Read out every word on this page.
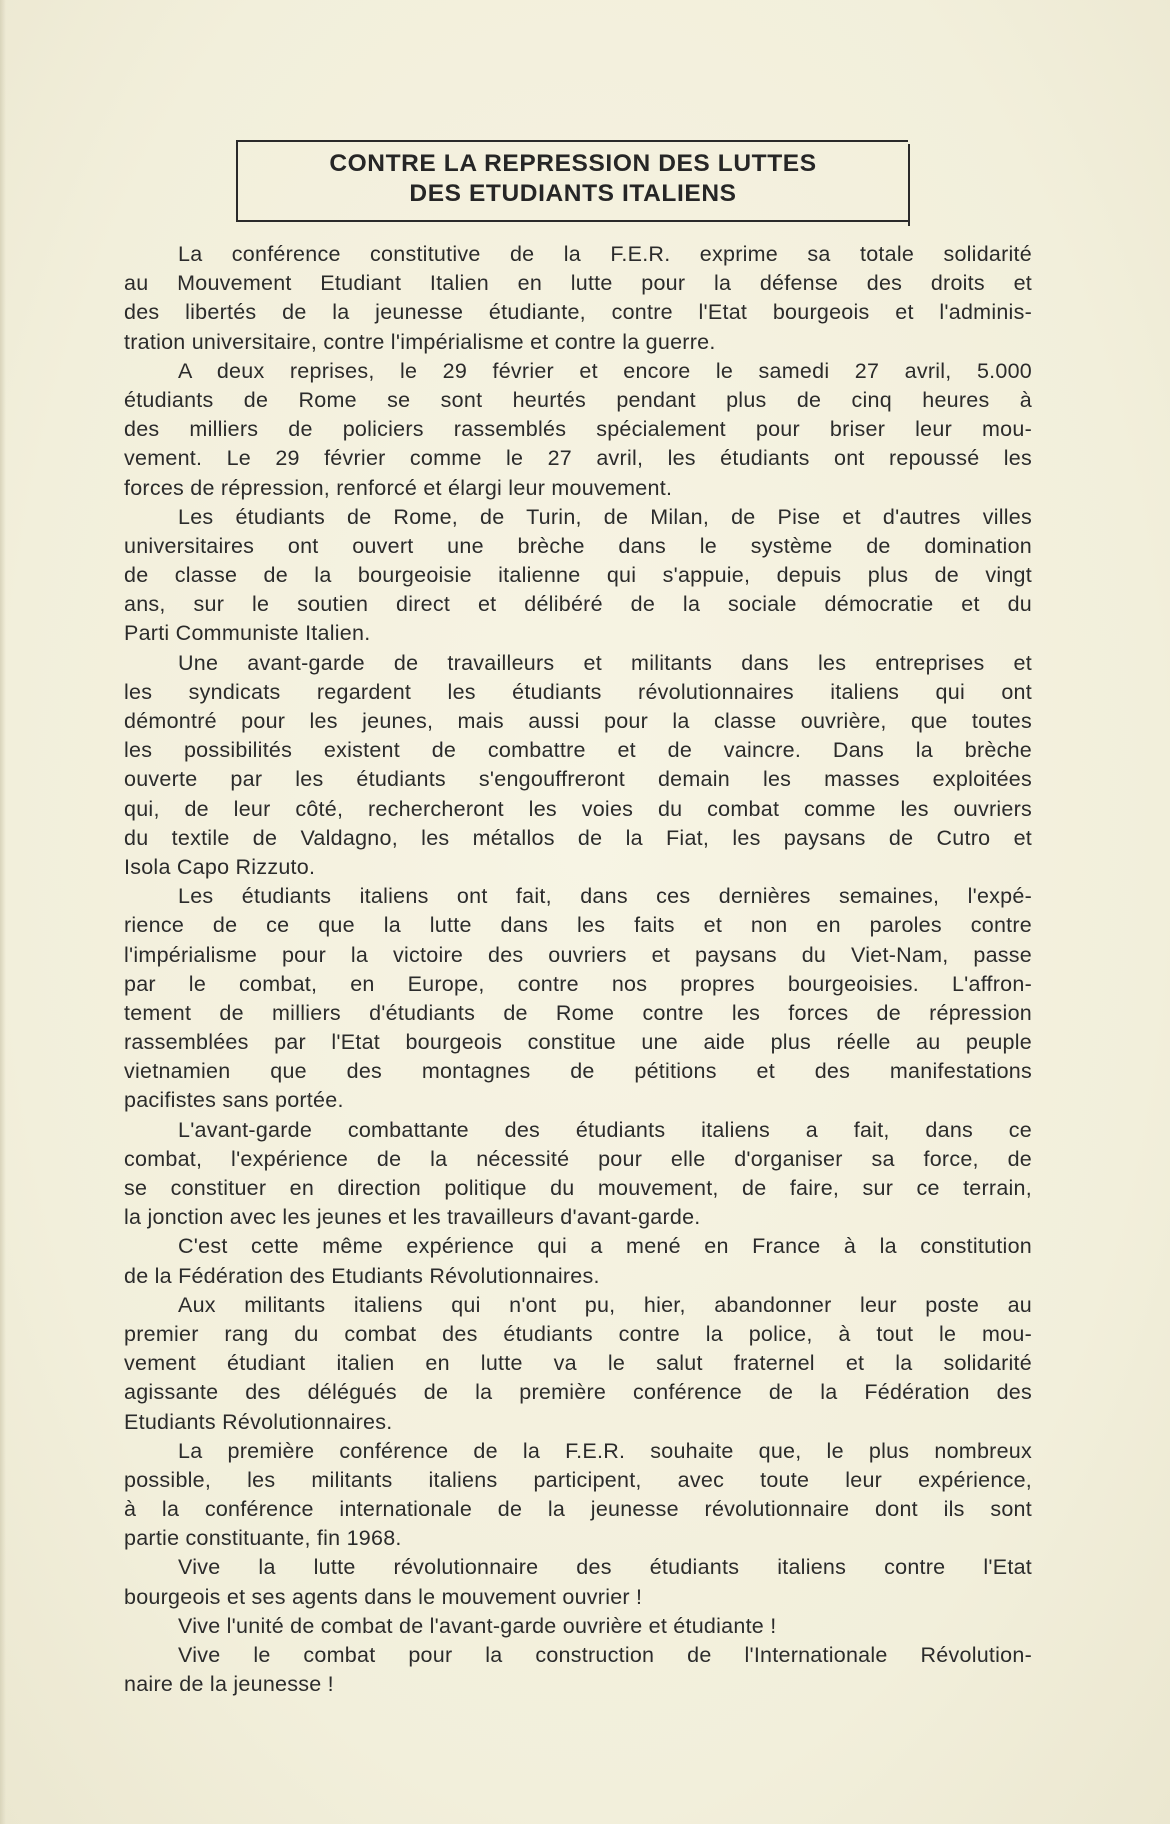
CONTRE LA REPRESSION DES LUTTES
DES ETUDIANTS ITALIENS
La conférence constitutive de la F.E.R. exprime sa totale solidarité
au Mouvement Etudiant Italien en lutte pour la défense des droits et
des libertés de la jeunesse étudiante, contre l'Etat bourgeois et l'adminis-
tration universitaire, contre l'impérialisme et contre la guerre.
A deux reprises, le 29 février et encore le samedi 27 avril, 5.000
étudiants de Rome se sont heurtés pendant plus de cinq heures à
des milliers de policiers rassemblés spécialement pour briser leur mou-
vement. Le 29 février comme le 27 avril, les étudiants ont repoussé les
forces de répression, renforcé et élargi leur mouvement.
Les étudiants de Rome, de Turin, de Milan, de Pise et d'autres villes
universitaires ont ouvert une brèche dans le système de domination
de classe de la bourgeoisie italienne qui s'appuie, depuis plus de vingt
ans, sur le soutien direct et délibéré de la sociale démocratie et du
Parti Communiste Italien.
Une avant-garde de travailleurs et militants dans les entreprises et
les syndicats regardent les étudiants révolutionnaires italiens qui ont
démontré pour les jeunes, mais aussi pour la classe ouvrière, que toutes
les possibilités existent de combattre et de vaincre. Dans la brèche
ouverte par les étudiants s'engouffreront demain les masses exploitées
qui, de leur côté, rechercheront les voies du combat comme les ouvriers
du textile de Valdagno, les métallos de la Fiat, les paysans de Cutro et
Isola Capo Rizzuto.
Les étudiants italiens ont fait, dans ces dernières semaines, l'expé-
rience de ce que la lutte dans les faits et non en paroles contre
l'impérialisme pour la victoire des ouvriers et paysans du Viet-Nam, passe
par le combat, en Europe, contre nos propres bourgeoisies. L'affron-
tement de milliers d'étudiants de Rome contre les forces de répression
rassemblées par l'Etat bourgeois constitue une aide plus réelle au peuple
vietnamien que des montagnes de pétitions et des manifestations
pacifistes sans portée.
L'avant-garde combattante des étudiants italiens a fait, dans ce
combat, l'expérience de la nécessité pour elle d'organiser sa force, de
se constituer en direction politique du mouvement, de faire, sur ce terrain,
la jonction avec les jeunes et les travailleurs d'avant-garde.
C'est cette même expérience qui a mené en France à la constitution
de la Fédération des Etudiants Révolutionnaires.
Aux militants italiens qui n'ont pu, hier, abandonner leur poste au
premier rang du combat des étudiants contre la police, à tout le mou-
vement étudiant italien en lutte va le salut fraternel et la solidarité
agissante des délégués de la première conférence de la Fédération des
Etudiants Révolutionnaires.
La première conférence de la F.E.R. souhaite que, le plus nombreux
possible, les militants italiens participent, avec toute leur expérience,
à la conférence internationale de la jeunesse révolutionnaire dont ils sont
partie constituante, fin 1968.
Vive la lutte révolutionnaire des étudiants italiens contre l'Etat
bourgeois et ses agents dans le mouvement ouvrier !
Vive l'unité de combat de l'avant-garde ouvrière et étudiante !
Vive le combat pour la construction de l'Internationale Révolution-
naire de la jeunesse !
